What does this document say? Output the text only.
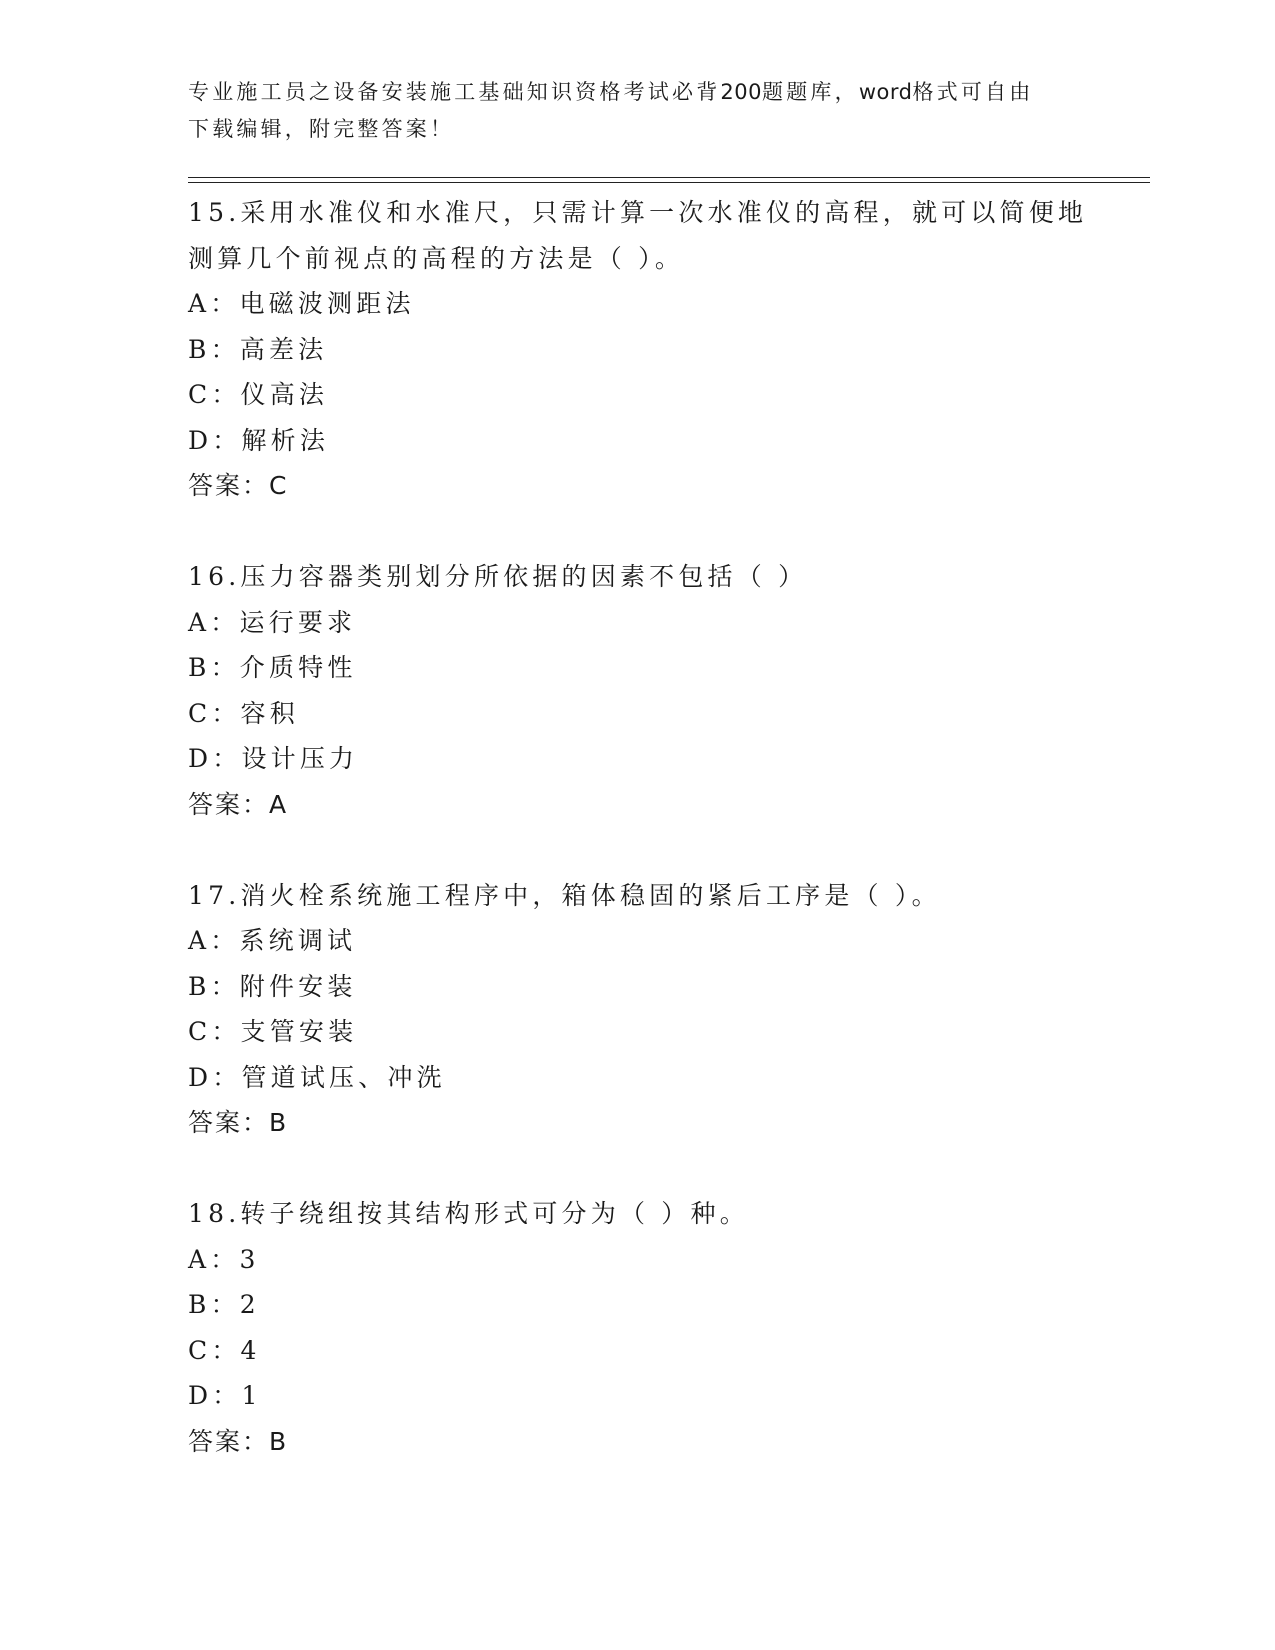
专业施工员之设备安装施工基础知识资格考试必背200题题库，word格式可自由
下载编辑，附完整答案！
15.采用水准仪和水准尺，只需计算一次水准仪的高程，就可以简便地
测算几个前视点的高程的方法是（ ）。
A：电磁波测距法
B：高差法
C：仪高法
D：解析法
答案：C
16.压力容器类别划分所依据的因素不包括（ ）
A：运行要求
B：介质特性
C：容积
D：设计压力
答案：A
17.消火栓系统施工程序中，箱体稳固的紧后工序是（ ）。
A：系统调试
B：附件安装
C：支管安装
D：管道试压、冲洗
答案：B
18.转子绕组按其结构形式可分为（ ）种。
A：3
B：2
C：4
D：1
答案：B
